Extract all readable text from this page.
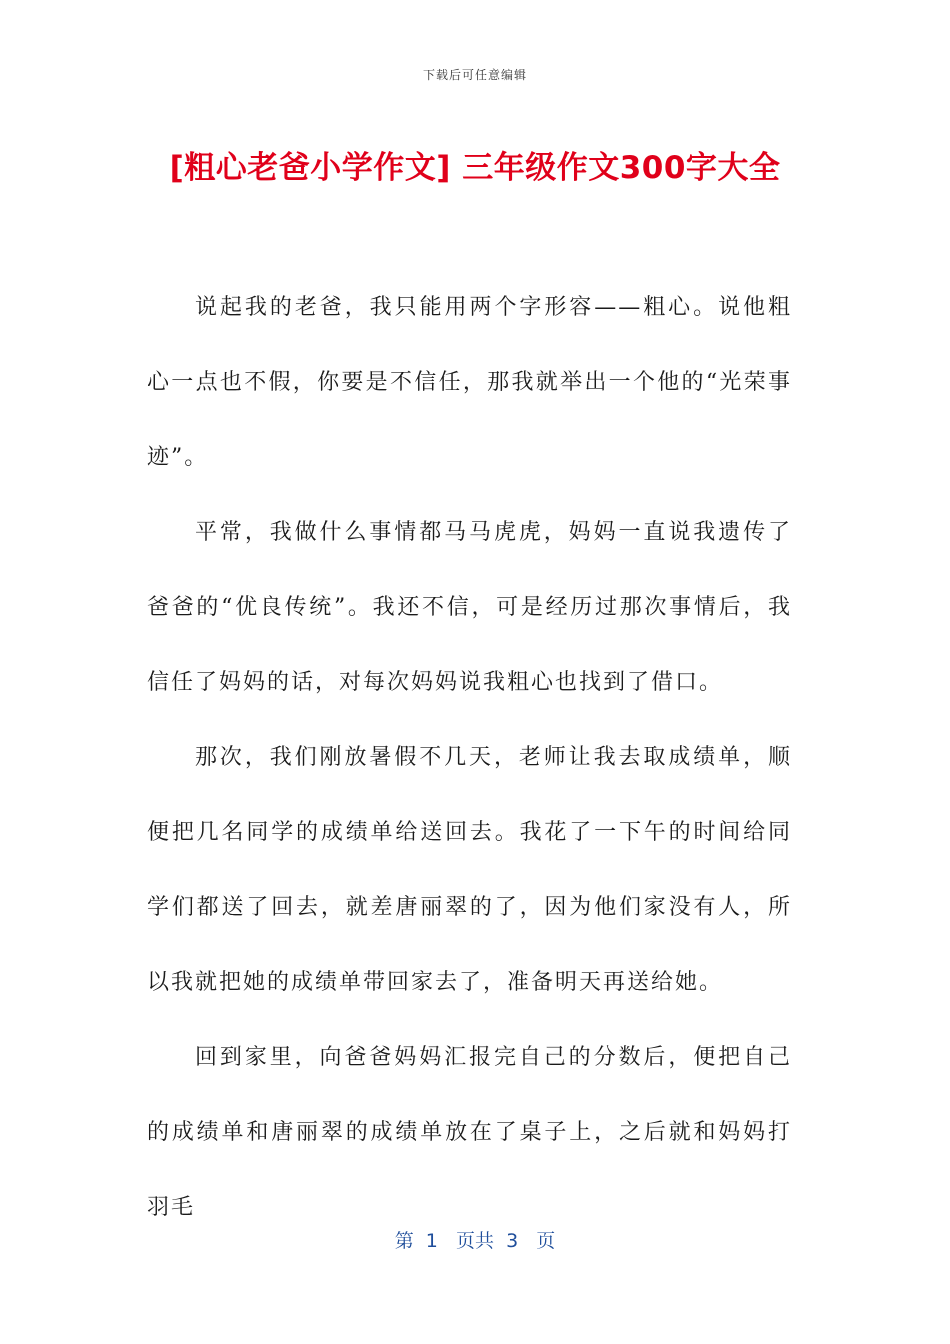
下载后可任意编辑
[粗心老爸小学作文] 三年级作文300字大全

说起我的老爸，我只能用两个字形容——粗心。说他粗心一点也不假，你要是不信任，那我就举出一个他的“光荣事迹”。

平常，我做什么事情都马马虎虎，妈妈一直说我遗传了爸爸的“优良传统”。我还不信，可是经历过那次事情后，我信任了妈妈的话，对每次妈妈说我粗心也找到了借口。

那次，我们刚放暑假不几天，老师让我去取成绩单，顺便把几名同学的成绩单给送回去。我花了一下午的时间给同学们都送了回去，就差唐丽翠的了，因为他们家没有人，所以我就把她的成绩单带回家去了，准备明天再送给她。

回到家里，向爸爸妈妈汇报完自己的分数后，便把自己的成绩单和唐丽翠的成绩单放在了桌子上，之后就和妈妈打羽毛

第  1   页共  3   页
